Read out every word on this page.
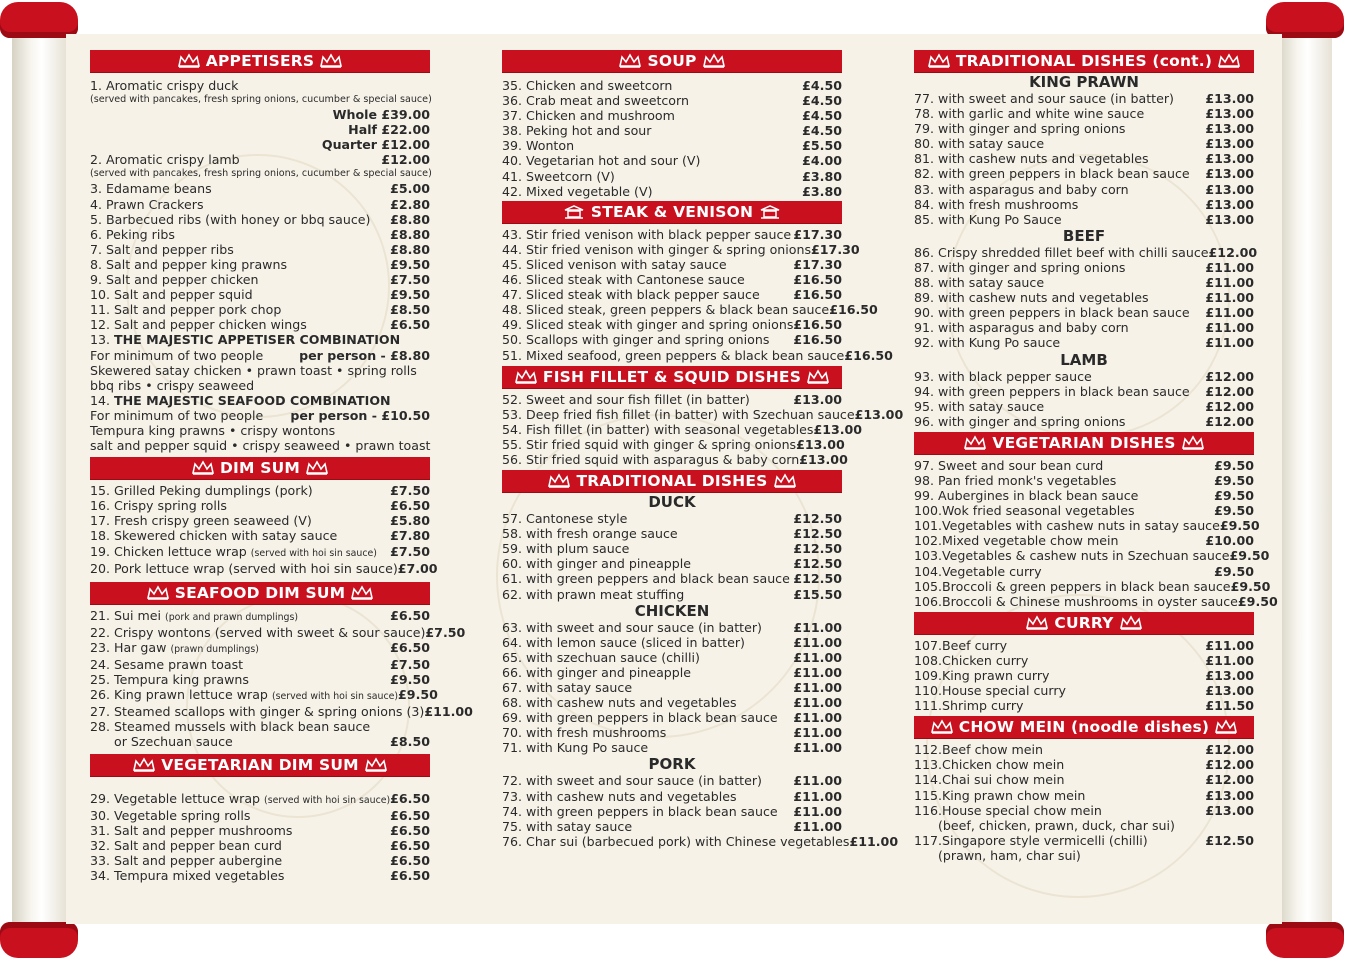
APPETISERS
1. Aromatic crispy duck
(served with pancakes, fresh spring onions, cucumber & special sauce)
Whole £39.00
Half £22.00
Quarter £12.00
2. Aromatic crispy lamb	£12.00
(served with pancakes, fresh spring onions, cucumber & special sauce)
3. Edamame beans	£5.00
4. Prawn Crackers	£2.80
5. Barbecued ribs (with honey or bbq sauce) £8.80
6. Peking ribs	£8.80
7. Salt and pepper ribs	£8.80
8. Salt and pepper king prawns	£9.50
9. Salt and pepper chicken	£7.50
10. Salt and pepper squid	£9.50
11. Salt and pepper pork chop	£8.50
12. Salt and pepper chicken wings	£6.50
13. THE MAJESTIC APPETISER COMBINATION
For minimum of two people	per person - £8.80
Skewered satay chicken • prawn toast • spring rolls
bbq ribs • crispy seaweed
14. THE MAJESTIC SEAFOOD COMBINATION
For minimum of two people per person - £10.50
Tempura king prawns • crispy wontons
salt and pepper squid • crispy seaweed • prawn toast
DIM SUM
15. Grilled Peking dumplings (pork)	£7.50
16. Crispy spring rolls	£6.50
17. Fresh crispy green seaweed (V)	£5.80
18. Skewered chicken with satay sauce	£7.80
19. Chicken lettuce wrap (served with hoi sin sauce) £7.50
20. Pork lettuce wrap (served with hoi sin sauce) £7.00
SEAFOOD DIM SUM
21. Sui mei (pork and prawn dumplings)	£6.50
22. Crispy wontons (served with sweet & sour sauce) £7.50
23. Har gaw (prawn dumplings)	£6.50
24. Sesame prawn toast	£7.50
25. Tempura king prawns	£9.50
26. King prawn lettuce wrap (served with hoi sin sauce) £9.50
27. Steamed scallops with ginger & spring onions (3) £11.00
28. Steamed mussels with black bean sauce
or Szechuan sauce	£8.50
VEGETARIAN DIM SUM
29. Vegetable lettuce wrap (served with hoi sin sauce) £6.50
30. Vegetable spring rolls	£6.50
31. Salt and pepper mushrooms	£6.50
32. Salt and pepper bean curd	£6.50
33. Salt and pepper aubergine	£6.50
34. Tempura mixed vegetables	£6.50
SOUP
35. Chicken and sweetcorn	£4.50
36. Crab meat and sweetcorn	£4.50
37. Chicken and mushroom	£4.50
38. Peking hot and sour	£4.50
39. Wonton	£5.50
40. Vegetarian hot and sour (V)	£4.00
41. Sweetcorn (V)	£3.80
42. Mixed vegetable (V)	£3.80
STEAK & VENISON
43. Stir fried venison with black pepper sauce £17.30
44. Stir fried venison with ginger & spring onions £17.30
45. Sliced venison with satay sauce	£17.30
46. Sliced steak with Cantonese sauce	£16.50
47. Sliced steak with black pepper sauce	£16.50
48. Sliced steak, green peppers & black bean sauce £16.50
49. Sliced steak with ginger and spring onions £16.50
50. Scallops with ginger and spring onions £16.50
51. Mixed seafood, green peppers & black bean sauce £16.50
FISH FILLET & SQUID DISHES
52. Sweet and sour fish fillet (in batter)	£13.00
53. Deep fried fish fillet (in batter) with Szechuan sauce £13.00
54. Fish fillet (in batter) with seasonal vegetables £13.00
55. Stir fried squid with ginger & spring onions £13.00
56. Stir fried squid with asparagus & baby corn £13.00
TRADITIONAL DISHES
DUCK
57. Cantonese style	£12.50
58. with fresh orange sauce	£12.50
59. with plum sauce	£12.50
60. with ginger and pineapple	£12.50
61. with green peppers and black bean sauce £12.50
62. with prawn meat stuffing	£15.50
CHICKEN
63. with sweet and sour sauce (in batter) £11.00
64. with lemon sauce (sliced in batter)	£11.00
65. with szechuan sauce (chilli)	£11.00
66. with ginger and pineapple	£11.00
67. with satay sauce	£11.00
68. with cashew nuts and vegetables	£11.00
69. with green peppers in black bean sauce £11.00
70. with fresh mushrooms	£11.00
71. with Kung Po sauce	£11.00
PORK
72. with sweet and sour sauce (in batter) £11.00
73. with cashew nuts and vegetables	£11.00
74. with green peppers in black bean sauce £11.00
75. with satay sauce	£11.00
76. Char sui (barbecued pork) with Chinese vegetables £11.00
TRADITIONAL DISHES (cont.)
KING PRAWN
77. with sweet and sour sauce (in batter) £13.00
78. with garlic and white wine sauce	£13.00
79. with ginger and spring onions	£13.00
80. with satay sauce	£13.00
81. with cashew nuts and vegetables	£13.00
82. with green peppers in black bean sauce £13.00
83. with asparagus and baby corn	£13.00
84. with fresh mushrooms	£13.00
85. with Kung Po Sauce	£13.00
BEEF
86. Crispy shredded fillet beef with chilli sauce £12.00
87. with ginger and spring onions	£11.00
88. with satay sauce	£11.00
89. with cashew nuts and vegetables	£11.00
90. with green peppers in black bean sauce £11.00
91. with asparagus and baby corn	£11.00
92. with Kung Po sauce	£11.00
LAMB
93. with black pepper sauce	£12.00
94. with green peppers in black bean sauce £12.00
95. with satay sauce	£12.00
96. with ginger and spring onions	£12.00
VEGETARIAN DISHES
97. Sweet and sour bean curd	£9.50
98. Pan fried monk's vegetables	£9.50
99. Aubergines in black bean sauce	£9.50
100.Wok fried seasonal vegetables	£9.50
101.Vegetables with cashew nuts in satay sauce £9.50
102.Mixed vegetable chow mein	£10.00
103.Vegetables & cashew nuts in Szechuan sauce £9.50
104.Vegetable curry	£9.50
105.Broccoli & green peppers in black bean sauce £9.50
106.Broccoli & Chinese mushrooms in oyster sauce £9.50
CURRY
107.Beef curry	£11.00
108.Chicken curry	£11.00
109.King prawn curry	£13.00
110.House special curry	£13.00
111.Shrimp curry	£11.50
CHOW MEIN (noodle dishes)
112.Beef chow mein	£12.00
113.Chicken chow mein	£12.00
114.Chai sui chow mein	£12.00
115.King prawn chow mein	£13.00
116.House special chow mein	£13.00
(beef, chicken, prawn, duck, char sui)
117.Singapore style vermicelli (chilli)	£12.50
(prawn, ham, char sui)
